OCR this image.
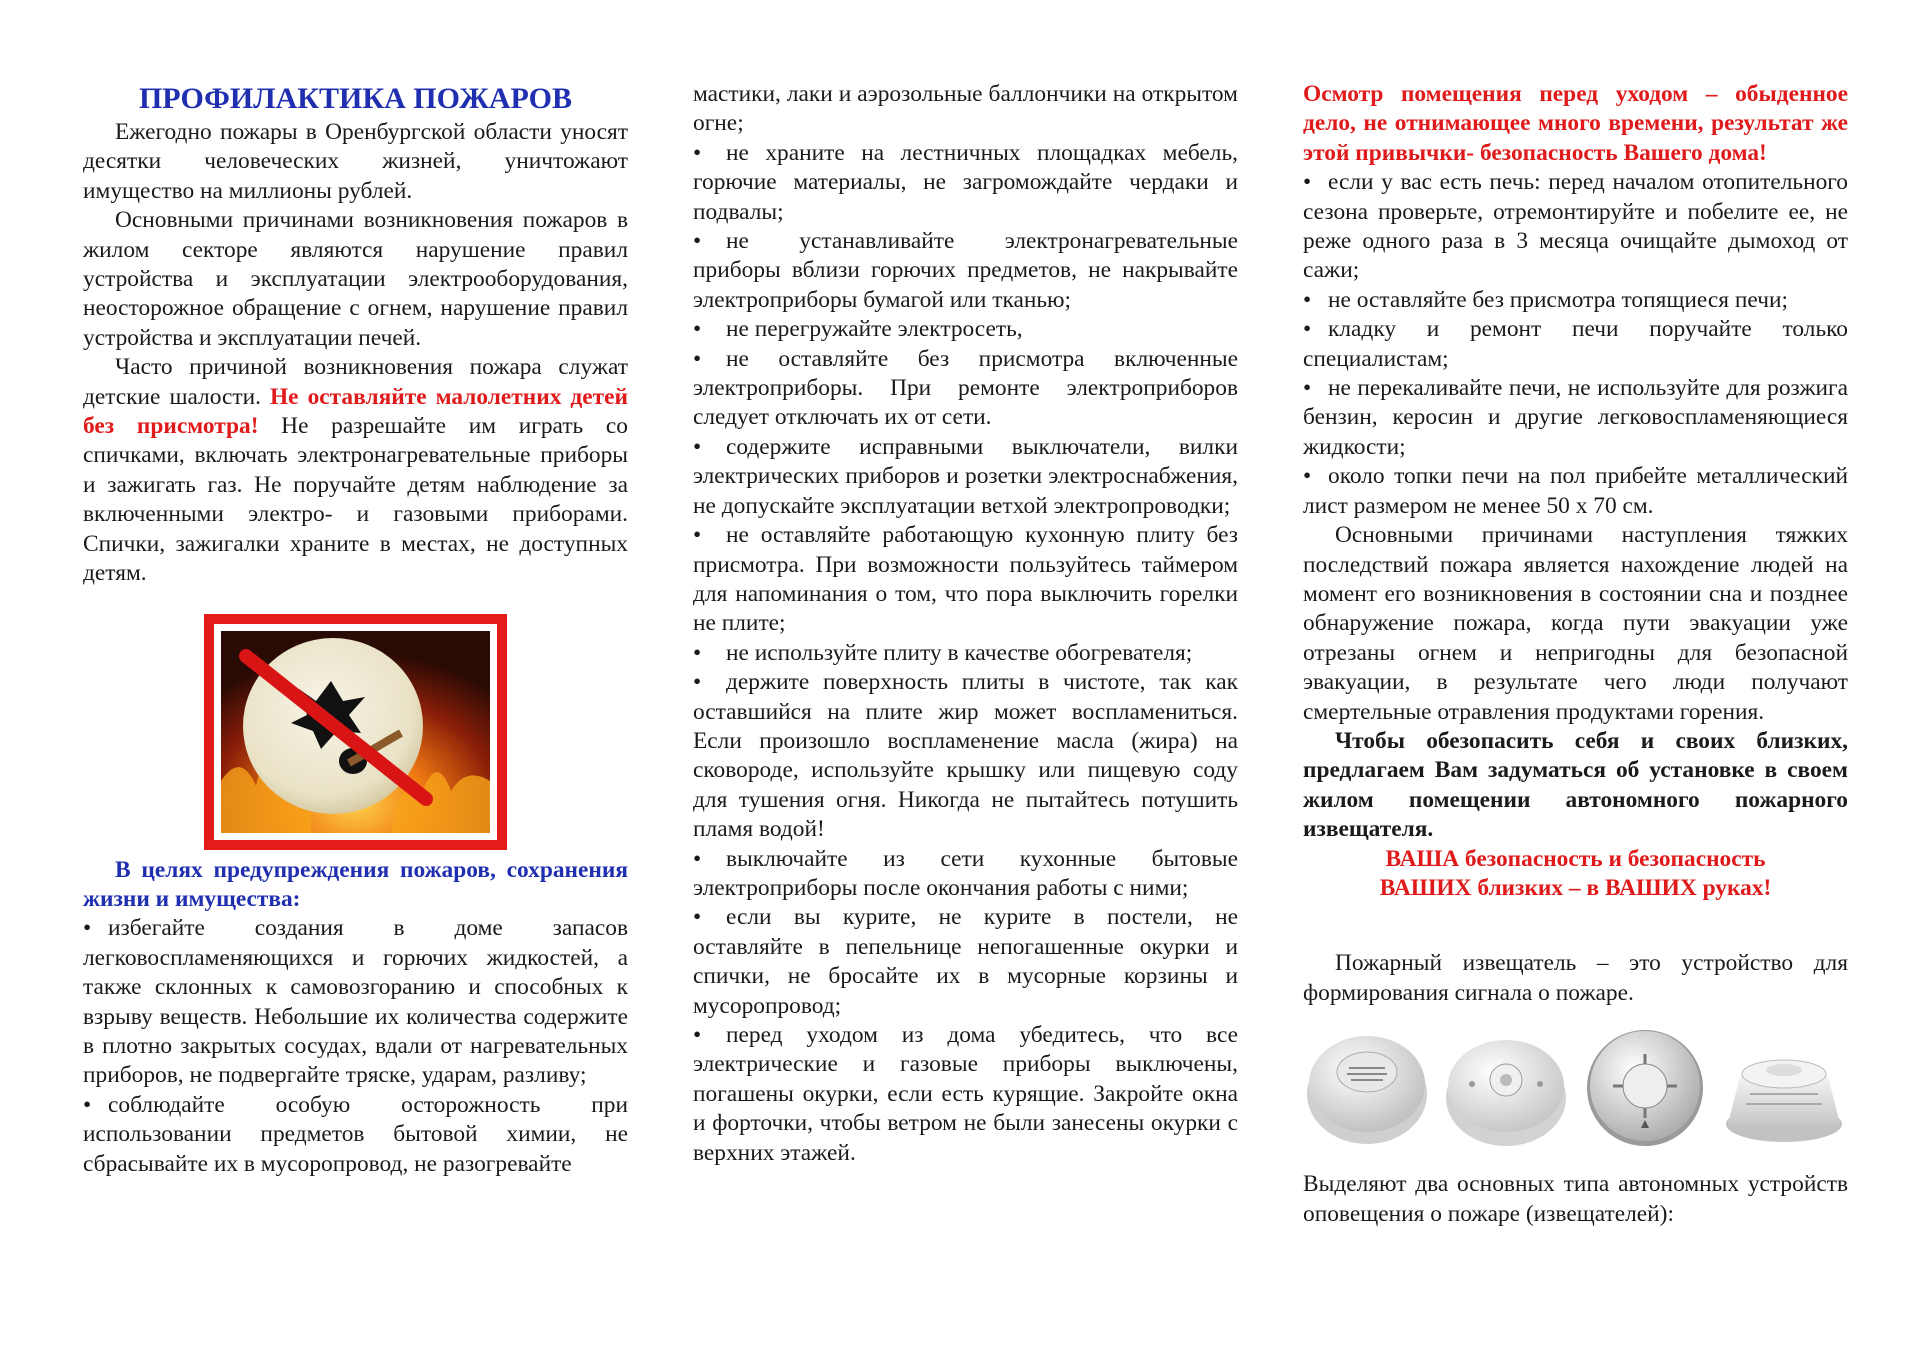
ПРОФИЛАКТИКА ПОЖАРОВ

Ежегодно пожары в Оренбургской области уносят десятки человеческих жизней, уничтожают имущество на миллионы рублей.

Основными причинами возникновения пожаров в жилом секторе являются нарушение правил устройства и эксплуатации электрооборудования, неосторожное обращение с огнем, нарушение правил устройства и эксплуатации печей.

Часто причиной возникновения пожара служат детские шалости. Не оставляйте малолетних детей без присмотра! Не разрешайте им играть со спичками, включать электронагревательные приборы и зажигать газ. Не поручайте детям наблюдение за включенными электро- и газовыми приборами. Спички, зажигалки храните в местах, не доступных детям.

В целях предупреждения пожаров, сохранения жизни и имущества:

• избегайте создания в доме запасов легковоспламеняющихся и горючих жидкостей, а также склонных к самовозгоранию и способных к взрыву веществ. Небольшие их количества содержите в плотно закрытых сосудах, вдали от нагревательных приборов, не подвергайте тряске, ударам, разливу;

• соблюдайте особую осторожность при использовании предметов бытовой химии, не сбрасывайте их в мусоропровод, не разогревайте

мастики, лаки и аэрозольные баллончики на открытом огне;

• не храните на лестничных площадках мебель, горючие материалы, не загромождайте чердаки и подвалы;

• не устанавливайте электронагревательные приборы вблизи горючих предметов, не накрывайте электроприборы бумагой или тканью;

• не перегружайте электросеть,

• не оставляйте без присмотра включенные электроприборы. При ремонте электроприборов следует отключать их от сети.

• содержите исправными выключатели, вилки электрических приборов и розетки электроснабжения, не допускайте эксплуатации ветхой электропроводки;

• не оставляйте работающую кухонную плиту без присмотра. При возможности пользуйтесь таймером для напоминания о том, что пора выключить горелки не плите;

• не используйте плиту в качестве обогревателя;

• держите поверхность плиты в чистоте, так как оставшийся на плите жир может воспламениться. Если произошло воспламенение масла (жира) на сковороде, используйте крышку или пищевую соду для тушения огня. Никогда не пытайтесь потушить пламя водой!

• выключайте из сети кухонные бытовые электроприборы после окончания работы с ними;

• если вы курите, не курите в постели, не оставляйте в пепельнице непогашенные окурки и спички, не бросайте их в мусорные корзины и мусоропровод;

• перед уходом из дома убедитесь, что все электрические и газовые приборы выключены, погашены окурки, если есть курящие. Закройте окна и форточки, чтобы ветром не были занесены окурки с верхних этажей.

Осмотр помещения перед уходом – обыденное дело, не отнимающее много времени, результат же этой привычки- безопасность Вашего дома!

• если у вас есть печь: перед началом отопительного сезона проверьте, отремонтируйте и побелите ее, не реже одного раза в 3 месяца очищайте дымоход от сажи;

• не оставляйте без присмотра топящиеся печи;

• кладку и ремонт печи поручайте только специалистам;

• не перекаливайте печи, не используйте для розжига бензин, керосин и другие легковоспламеняющиеся жидкости;

• около топки печи на пол прибейте металлический лист размером не менее 50 х 70 см.

Основными причинами наступления тяжких последствий пожара является нахождение людей на момент его возникновения в состоянии сна и позднее обнаружение пожара, когда пути эвакуации уже отрезаны огнем и непригодны для безопасной эвакуации, в результате чего люди получают смертельные отравления продуктами горения.

Чтобы обезопасить себя и своих близких, предлагаем Вам задуматься об установке в своем жилом помещении автономного пожарного извещателя.

ВАША безопасность и безопасность

ВАШИХ близких – в ВАШИХ руках!

Пожарный извещатель – это устройство для формирования сигнала о пожаре.

Выделяют два основных типа автономных устройств оповещения о пожаре (извещателей):
